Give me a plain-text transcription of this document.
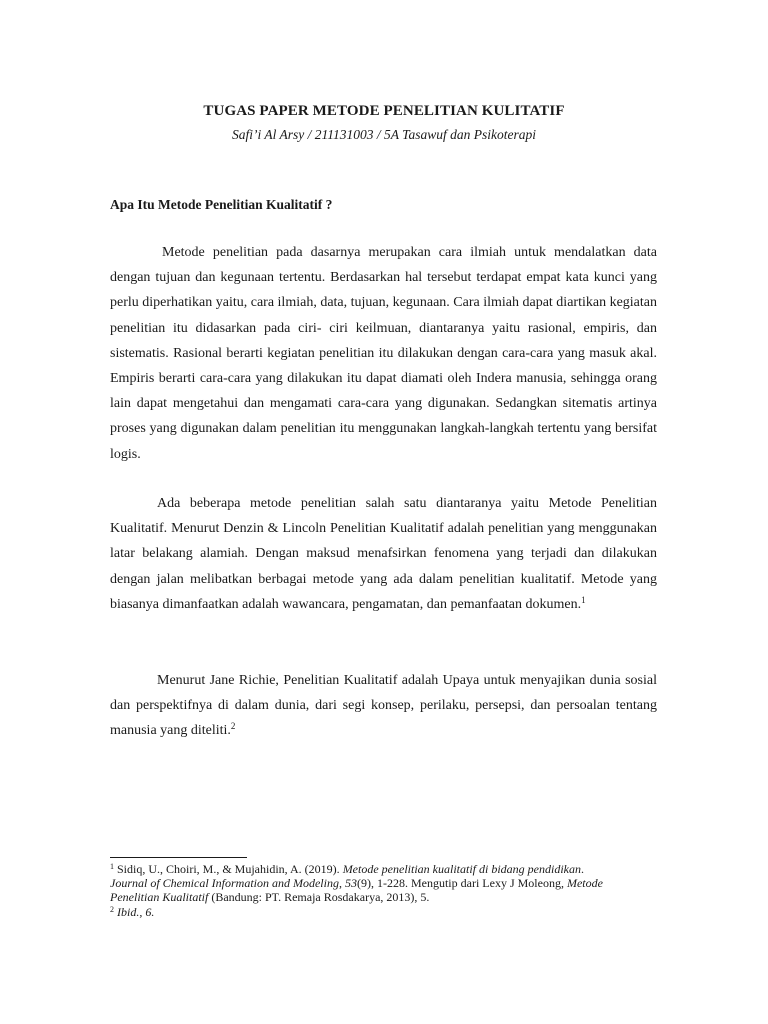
TUGAS PAPER METODE PENELITIAN KULITATIF
Safi’i Al Arsy / 211131003 / 5A Tasawuf dan Psikoterapi
Apa Itu Metode Penelitian Kualitatif ?

Metode penelitian pada dasarnya merupakan cara ilmiah untuk mendalatkan data dengan tujuan dan kegunaan tertentu. Berdasarkan hal tersebut terdapat empat kata kunci yang perlu diperhatikan yaitu, cara ilmiah, data, tujuan, kegunaan. Cara ilmiah dapat diartikan kegiatan penelitian itu didasarkan pada ciri- ciri keilmuan, diantaranya yaitu rasional, empiris, dan sistematis. Rasional berarti kegiatan penelitian itu dilakukan dengan cara-cara yang masuk akal. Empiris berarti cara-cara yang dilakukan itu dapat diamati oleh Indera manusia, sehingga orang lain dapat mengetahui dan mengamati cara-cara yang digunakan. Sedangkan sitematis artinya proses yang digunakan dalam penelitian itu menggunakan langkah-langkah tertentu yang bersifat logis.

Ada beberapa metode penelitian salah satu diantaranya yaitu Metode Penelitian Kualitatif. Menurut Denzin & Lincoln Penelitian Kualitatif adalah penelitian yang menggunakan latar belakang alamiah. Dengan maksud menafsirkan fenomena yang terjadi dan dilakukan dengan jalan melibatkan berbagai metode yang ada dalam penelitian kualitatif. Metode yang biasanya dimanfaatkan adalah wawancara, pengamatan, dan pemanfaatan dokumen.$^1$

Menurut Jane Richie, Penelitian Kualitatif adalah Upaya untuk menyajikan dunia sosial dan perspektifnya di dalam dunia, dari segi konsep, perilaku, persepsi, dan persoalan tentang manusia yang diteliti.$^2$

$^1$ Sidiq, U., Choiri, M., & Mujahidin, A. (2019). Metode penelitian kualitatif di bidang pendidikan. Journal of Chemical Information and Modeling, 53(9), 1-228. Mengutip dari Lexy J Moleong, Metode Penelitian Kualitatif (Bandung: PT. Remaja Rosdakarya, 2013), 5.

$^2$ Ibid., 6.
